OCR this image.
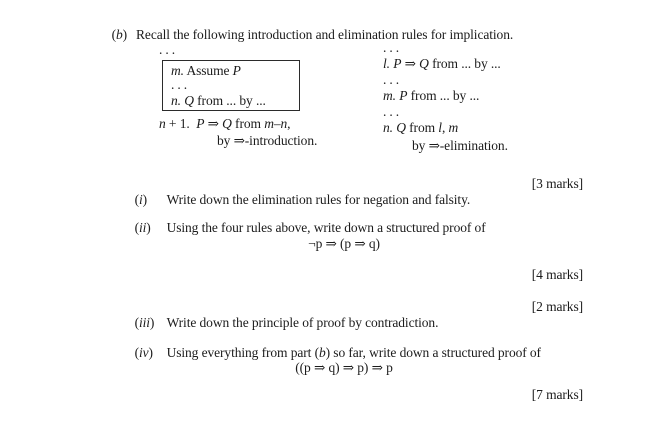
(b) Recall the following introduction and elimination rules for implication.

...
m. Assume P
...
n. Q from ... by ...
n + 1.  P ⇒ Q from m–n,
by ⇒-introduction.
...
l. P ⇒ Q from ... by ...
...
m. P from ... by ...
...
n. Q from l, m
by ⇒-elimination.

(i) Write down the elimination rules for negation and falsity.

[3 marks]

(ii) Using the four rules above, write down a structured proof of

¬p ⇒ (p ⇒ q)

[4 marks]

(iii) Write down the principle of proof by contradiction.

[2 marks]

(iv) Using everything from part (b) so far, write down a structured proof of

((p ⇒ q) ⇒ p) ⇒ p

[7 marks]
